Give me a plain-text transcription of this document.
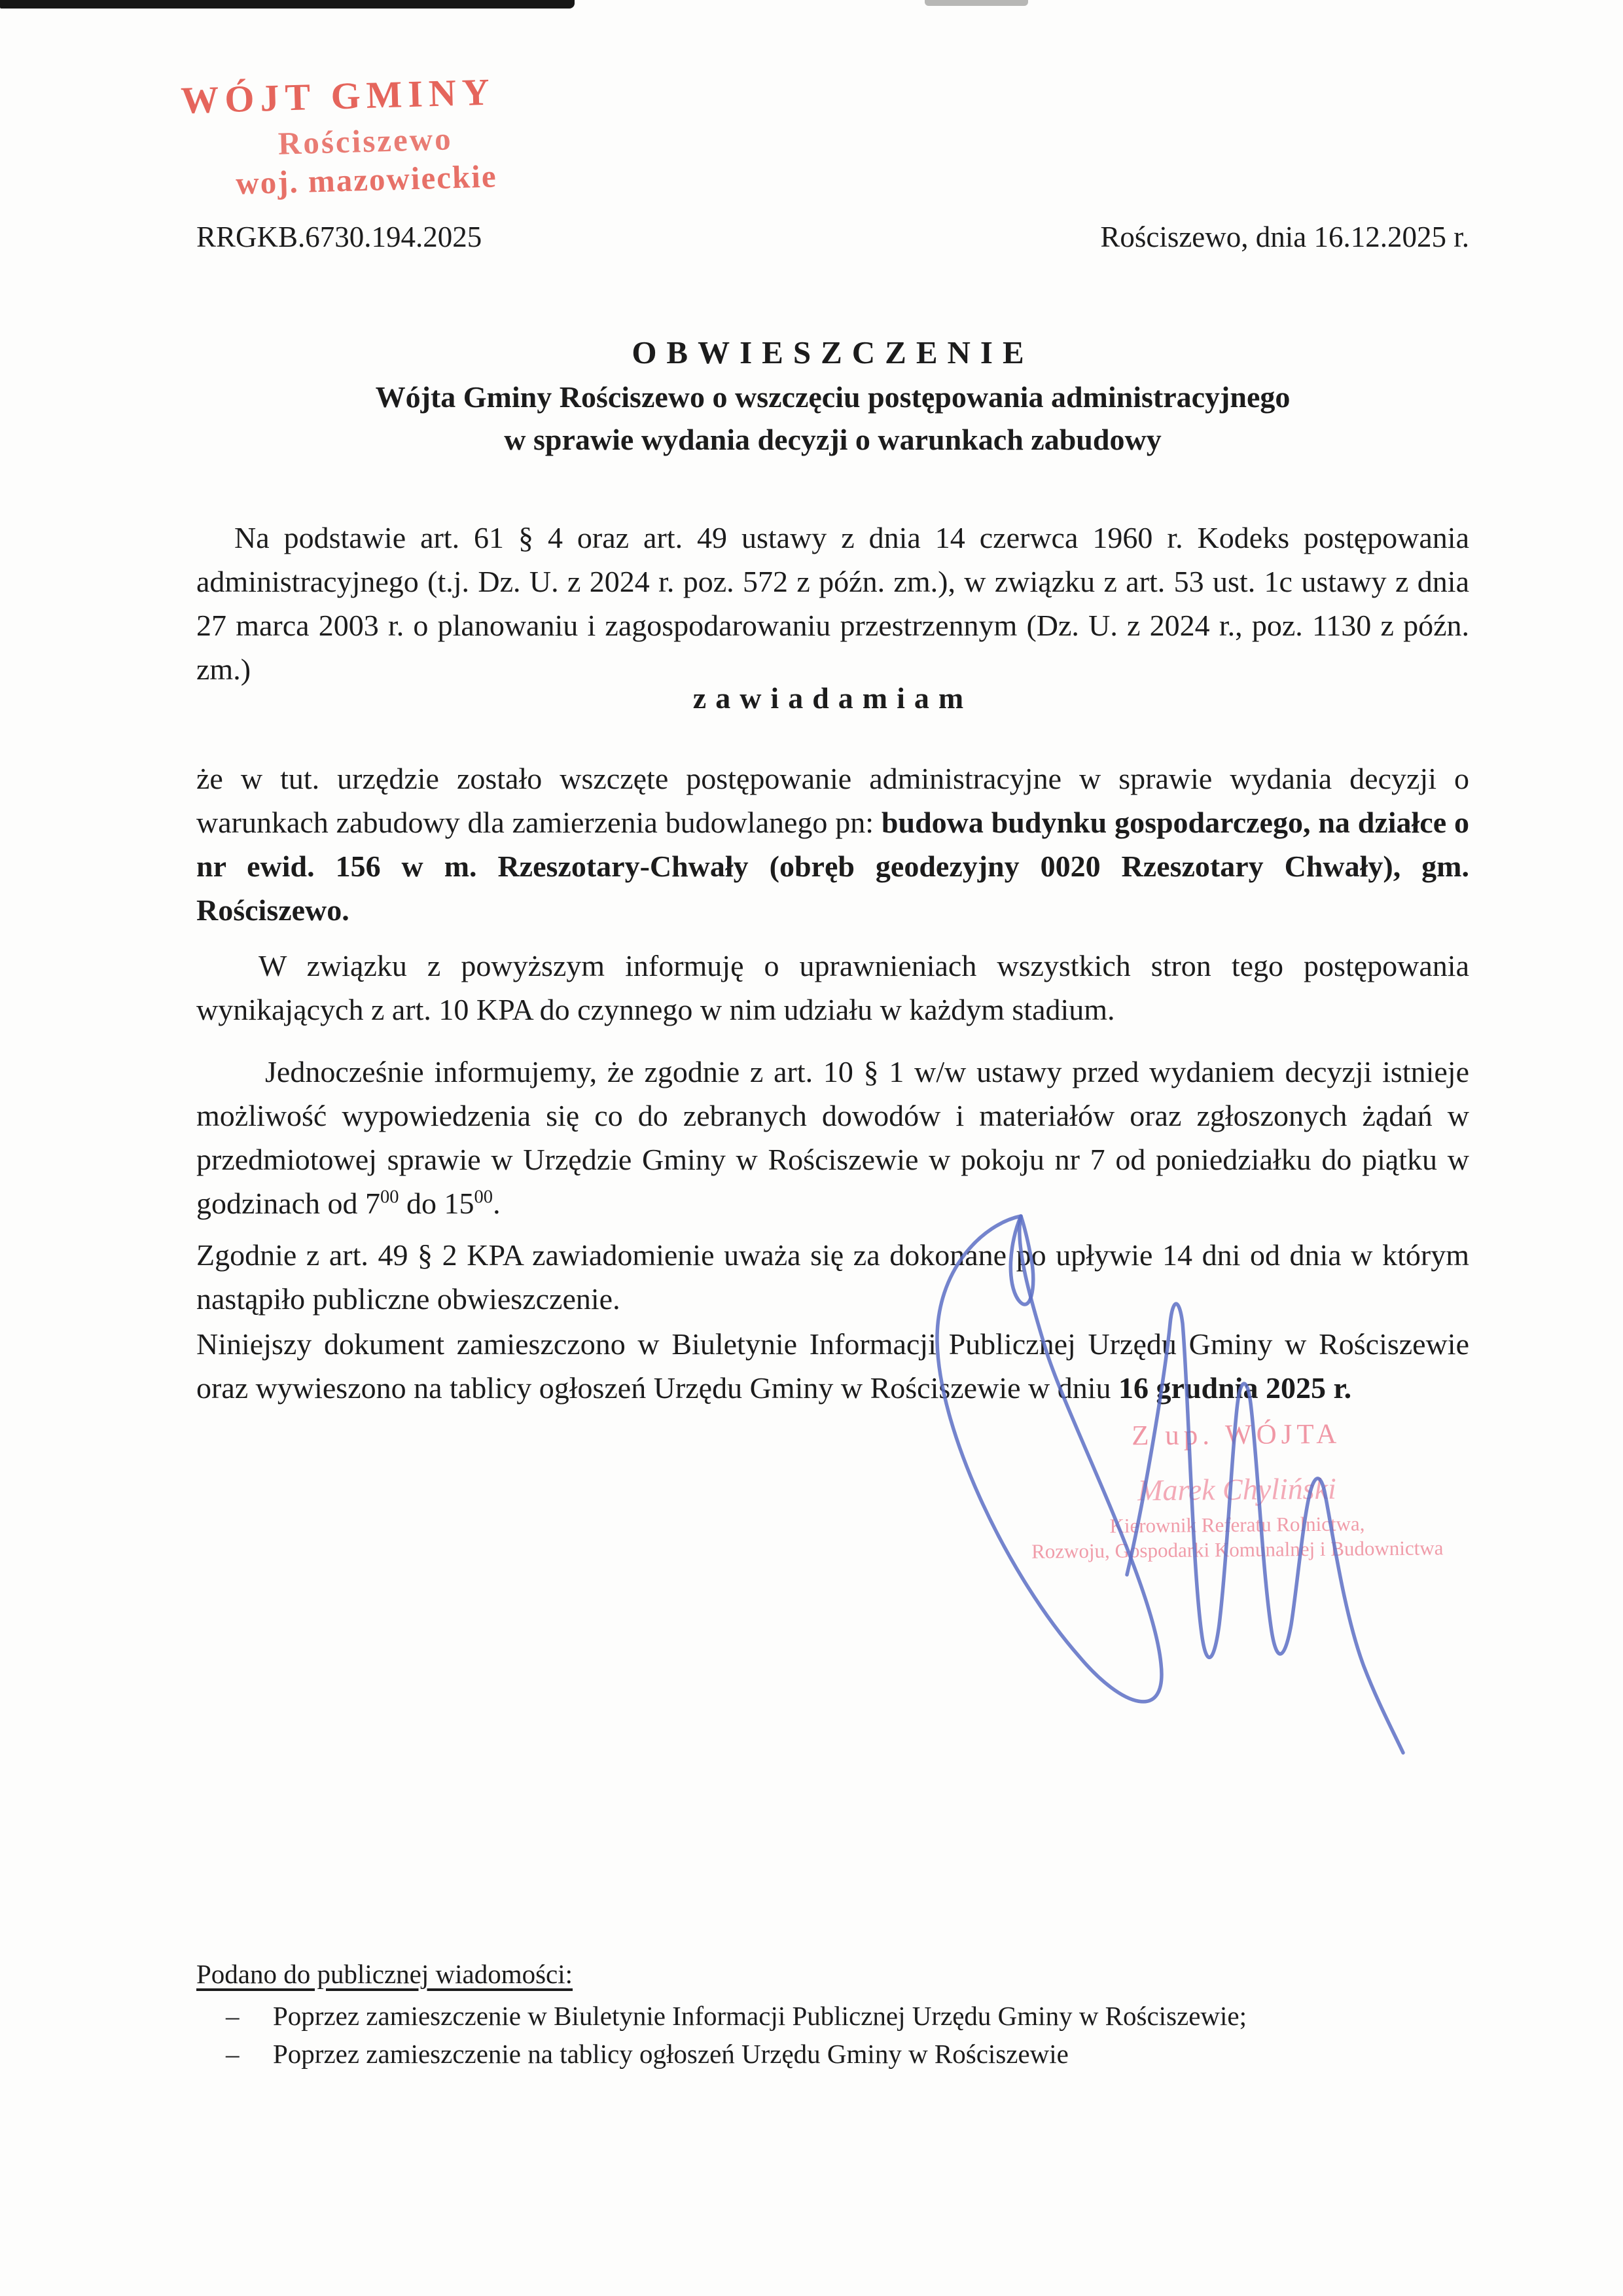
WÓJT GMINY
Rościszewo
woj. mazowieckie
RRGKB.6730.194.2025	Rościszewo, dnia 16.12.2025 r.
OBWIESZCZENIE
Wójta Gminy Rościszewo o wszczęciu postępowania administracyjnego
w sprawie wydania decyzji o warunkach zabudowy

Na podstawie art. 61 § 4 oraz art. 49 ustawy z dnia 14 czerwca 1960 r. Kodeks postępowania administracyjnego (t.j. Dz. U. z 2024 r. poz. 572 z późn. zm.), w związku z art. 53 ust. 1c ustawy z dnia 27 marca 2003 r. o planowaniu i zagospodarowaniu przestrzennym (Dz. U. z 2024 r., poz. 1130 z późn. zm.)

zawiadamiam

że w tut. urzędzie zostało wszczęte postępowanie administracyjne w sprawie wydania decyzji o warunkach zabudowy dla zamierzenia budowlanego pn: budowa budynku gospodarczego, na działce o nr ewid. 156 w m. Rzeszotary-Chwały (obręb geodezyjny 0020 Rzeszotary Chwały), gm. Rościszewo.

W związku z powyższym informuję o uprawnieniach wszystkich stron tego postępowania wynikających z art. 10 KPA do czynnego w nim udziału w każdym stadium.

Jednocześnie informujemy, że zgodnie z art. 10 § 1 w/w ustawy przed wydaniem decyzji istnieje możliwość wypowiedzenia się co do zebranych dowodów i materiałów oraz zgłoszonych żądań w przedmiotowej sprawie w Urzędzie Gminy w Rościszewie w pokoju nr 7 od poniedziałku do piątku w godzinach od $7^{00}$ do $15^{00}$.

Zgodnie z art. 49 § 2 KPA zawiadomienie uważa się za dokonane po upływie 14 dni od dnia w którym nastąpiło publiczne obwieszczenie.

Niniejszy dokument zamieszczono w Biuletynie Informacji Publicznej Urzędu Gminy w Rościszewie oraz wywieszono na tablicy ogłoszeń Urzędu Gminy w Rościszewie w dniu 16 grudnia 2025 r.

Z up. WÓJTA
Marek Chyliński
Kierownik Referatu Rolnictwa,
Rozwoju, Gospodarki Komunalnej i Budownictwa
Podano do publicznej wiadomości:
–	Poprzez zamieszczenie w Biuletynie Informacji Publicznej Urzędu Gminy w Rościszewie;
–	Poprzez zamieszczenie na tablicy ogłoszeń Urzędu Gminy w Rościszewie
